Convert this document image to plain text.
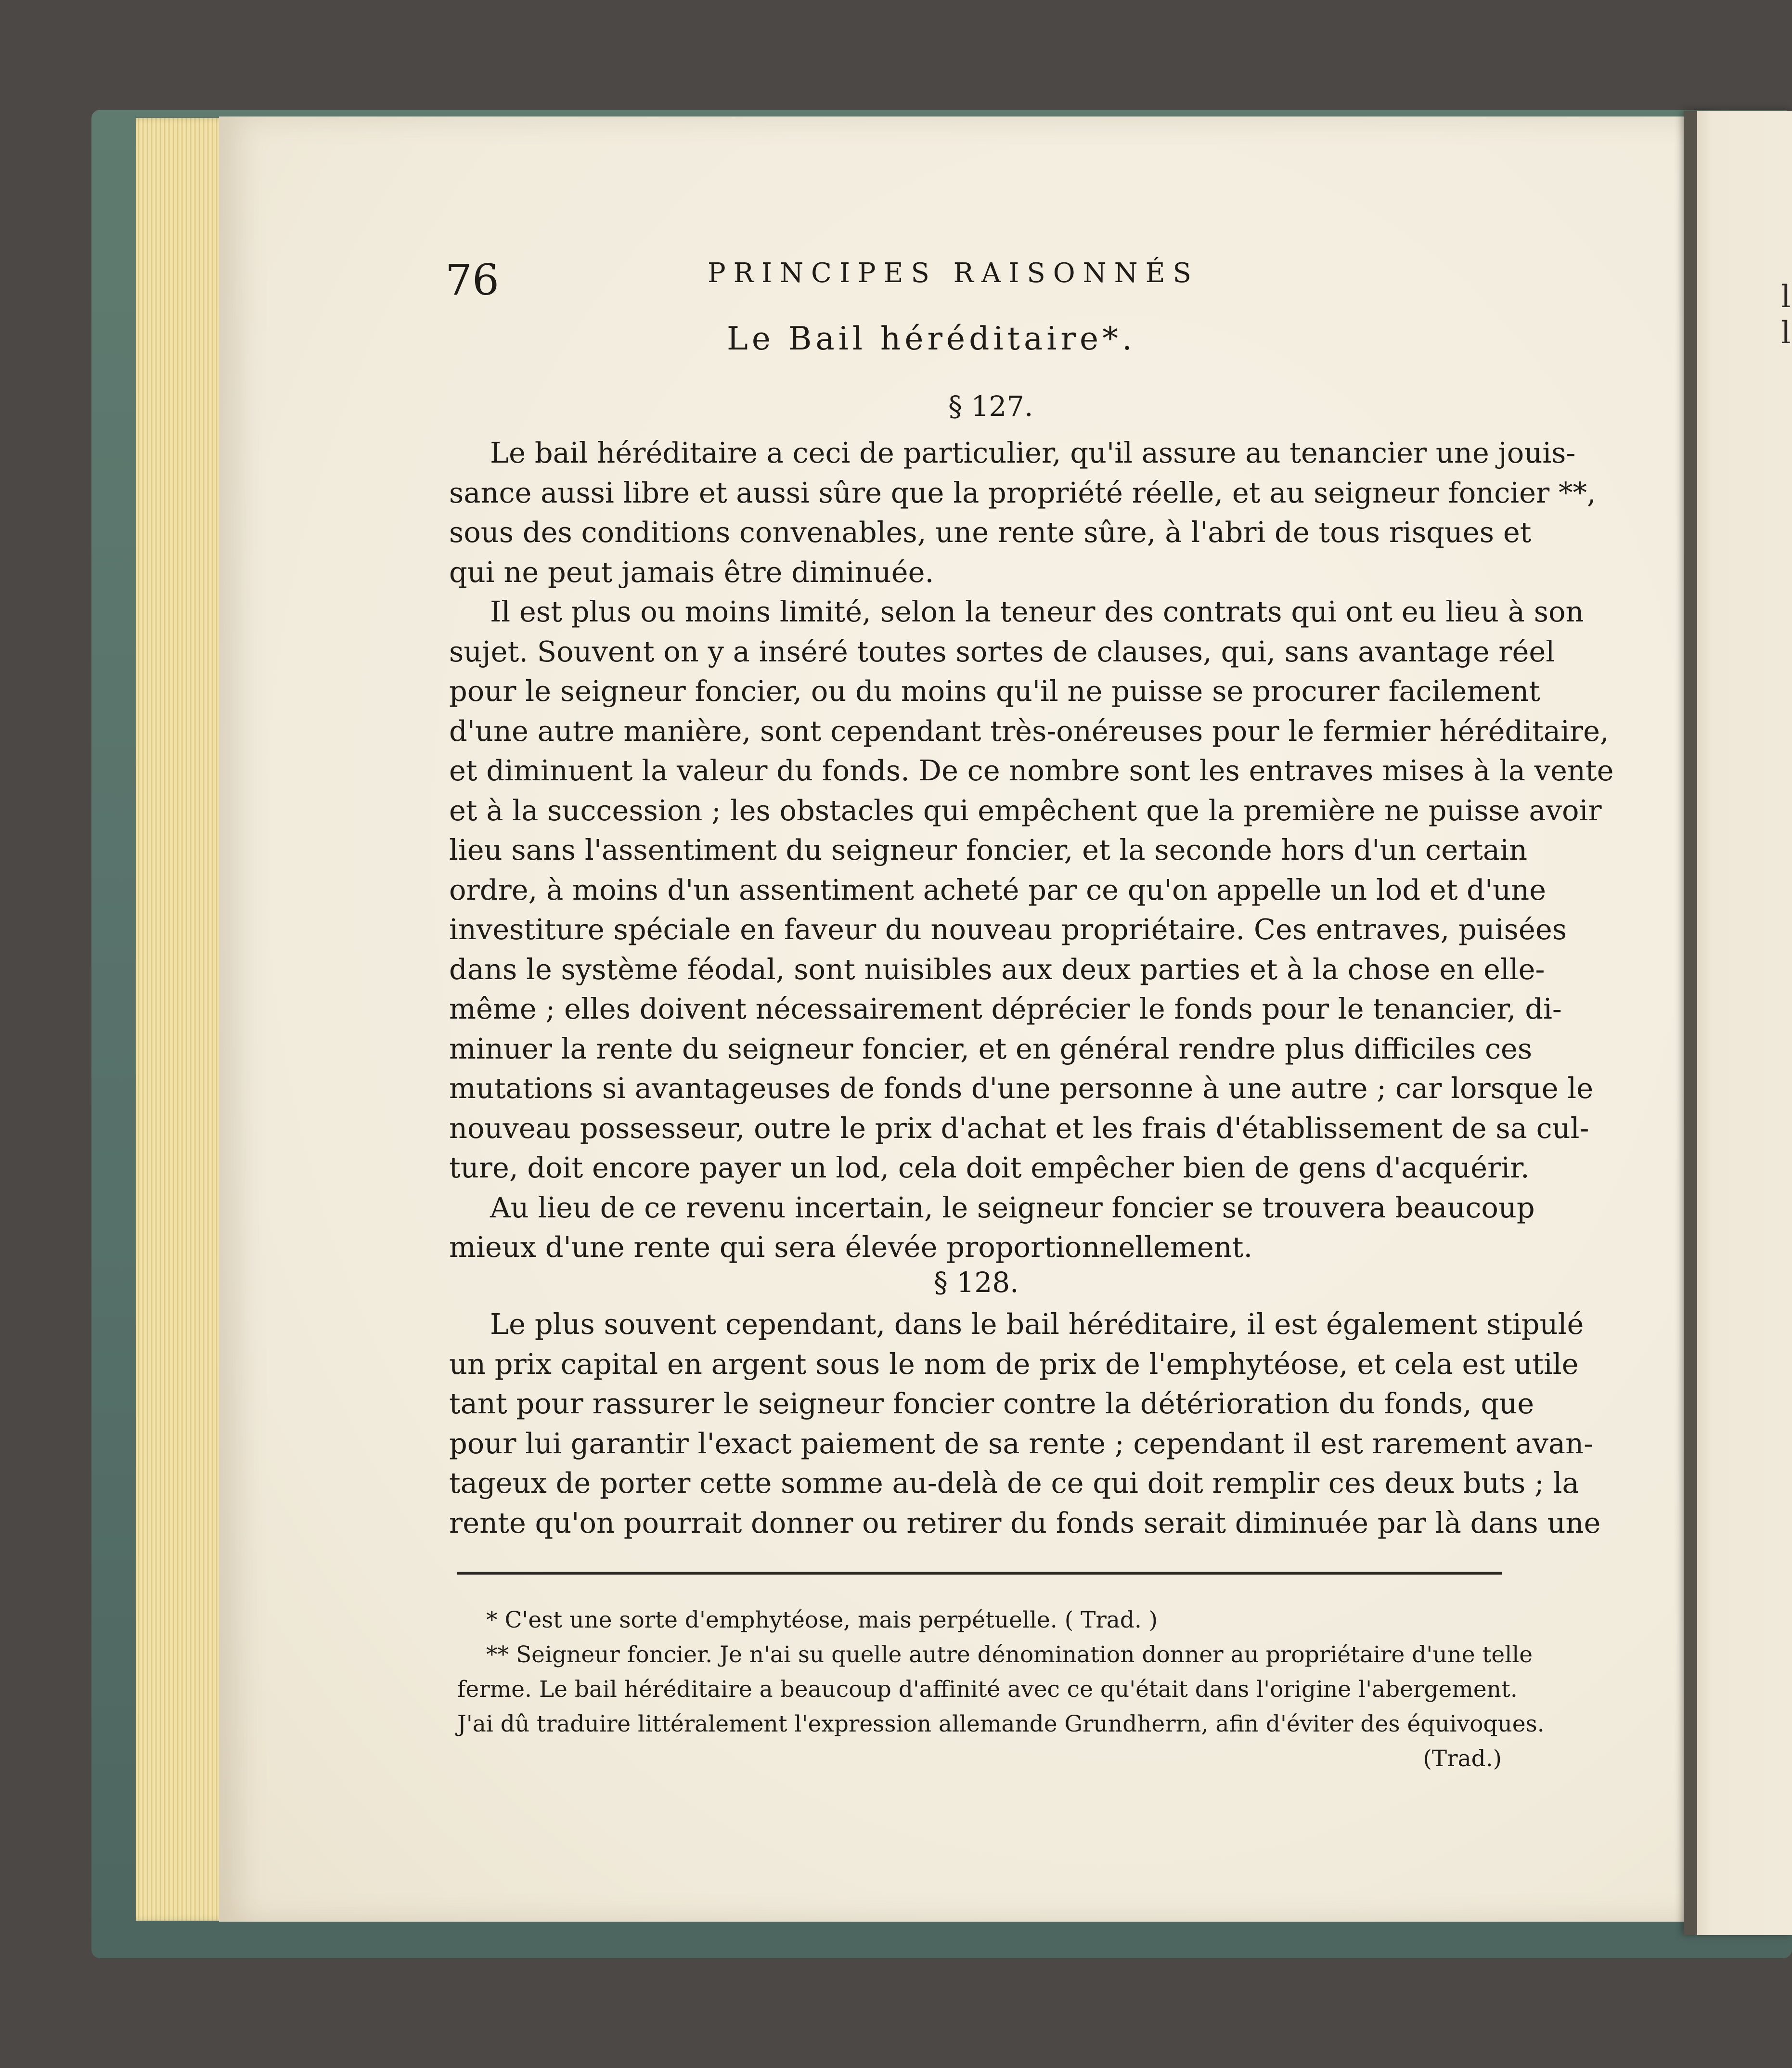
l
l
76	PRINCIPES RAISONNÉS
Le Bail héréditaire*.
§ 127.
Le bail héréditaire a ceci de particulier, qu'il assure au tenancier une jouis-
sance aussi libre et aussi sûre que la propriété réelle, et au seigneur foncier **,
sous des conditions convenables, une rente sûre, à l'abri de tous risques et
qui ne peut jamais être diminuée.
Il est plus ou moins limité, selon la teneur des contrats qui ont eu lieu à son
sujet. Souvent on y a inséré toutes sortes de clauses, qui, sans avantage réel
pour le seigneur foncier, ou du moins qu'il ne puisse se procurer facilement
d'une autre manière, sont cependant très-onéreuses pour le fermier héréditaire,
et diminuent la valeur du fonds. De ce nombre sont les entraves mises à la vente
et à la succession ; les obstacles qui empêchent que la première ne puisse avoir
lieu sans l'assentiment du seigneur foncier, et la seconde hors d'un certain
ordre, à moins d'un assentiment acheté par ce qu'on appelle un lod et d'une
investiture spéciale en faveur du nouveau propriétaire. Ces entraves, puisées
dans le système féodal, sont nuisibles aux deux parties et à la chose en elle-
même ; elles doivent nécessairement déprécier le fonds pour le tenancier, di-
minuer la rente du seigneur foncier, et en général rendre plus difficiles ces
mutations si avantageuses de fonds d'une personne à une autre ; car lorsque le
nouveau possesseur, outre le prix d'achat et les frais d'établissement de sa cul-
ture, doit encore payer un lod, cela doit empêcher bien de gens d'acquérir.
Au lieu de ce revenu incertain, le seigneur foncier se trouvera beaucoup
mieux d'une rente qui sera élevée proportionnellement.
§ 128.
Le plus souvent cependant, dans le bail héréditaire, il est également stipulé
un prix capital en argent sous le nom de prix de l'emphytéose, et cela est utile
tant pour rassurer le seigneur foncier contre la détérioration du fonds, que
pour lui garantir l'exact paiement de sa rente ; cependant il est rarement avan-
tageux de porter cette somme au-delà de ce qui doit remplir ces deux buts ; la
rente qu'on pourrait donner ou retirer du fonds serait diminuée par là dans une
* C'est une sorte d'emphytéose, mais perpétuelle. ( Trad. )
** Seigneur foncier. Je n'ai su quelle autre dénomination donner au propriétaire d'une telle
ferme. Le bail héréditaire a beaucoup d'affinité avec ce qu'était dans l'origine l'abergement.
J'ai dû traduire littéralement l'expression allemande Grundherrn, afin d'éviter des équivoques.
(Trad.)
